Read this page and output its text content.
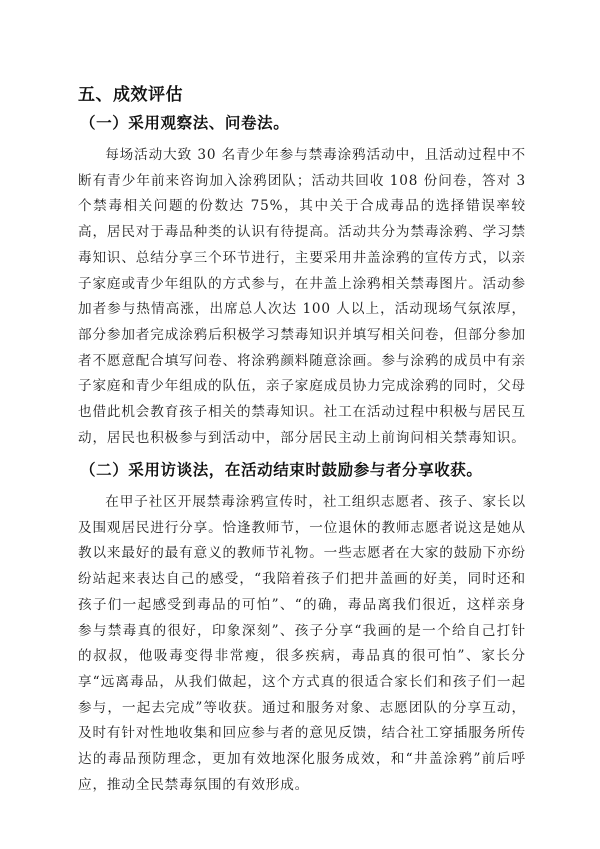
五、成效评估
（一）采用观察法、问卷法。

每场活动大致 30 名青少年参与禁毒涂鸦活动中，且活动过程中不断有青少年前来咨询加入涂鸦团队；活动共回收 108 份问卷，答对 3 个禁毒相关问题的份数达 75%，其中关于合成毒品的选择错误率较高，居民对于毒品种类的认识有待提高。活动共分为禁毒涂鸦、学习禁毒知识、总结分享三个环节进行，主要采用井盖涂鸦的宣传方式，以亲子家庭或青少年组队的方式参与，在井盖上涂鸦相关禁毒图片。活动参加者参与热情高涨，出席总人次达 100 人以上，活动现场气氛浓厚，部分参加者完成涂鸦后积极学习禁毒知识并填写相关问卷，但部分参加者不愿意配合填写问卷、将涂鸦颜料随意涂画。参与涂鸦的成员中有亲子家庭和青少年组成的队伍，亲子家庭成员协力完成涂鸦的同时，父母也借此机会教育孩子相关的禁毒知识。社工在活动过程中积极与居民互动，居民也积极参与到活动中，部分居民主动上前询问相关禁毒知识。

（二）采用访谈法，在活动结束时鼓励参与者分享收获。

在甲子社区开展禁毒涂鸦宣传时，社工组织志愿者、孩子、家长以及围观居民进行分享。恰逢教师节，一位退休的教师志愿者说这是她从教以来最好的最有意义的教师节礼物。一些志愿者在大家的鼓励下亦纷纷站起来表达自己的感受，“我陪着孩子们把井盖画的好美，同时还和孩子们一起感受到毒品的可怕”、“的确，毒品离我们很近，这样亲身参与禁毒真的很好，印象深刻”、孩子分享“我画的是一个给自己打针的叔叔，他吸毒变得非常瘦，很多疾病，毒品真的很可怕”、家长分享“远离毒品，从我们做起，这个方式真的很适合家长们和孩子们一起参与，一起去完成”等收获。通过和服务对象、志愿团队的分享互动，及时有针对性地收集和回应参与者的意见反馈，结合社工穿插服务所传达的毒品预防理念，更加有效地深化服务成效，和“井盖涂鸦”前后呼应，推动全民禁毒氛围的有效形成。
